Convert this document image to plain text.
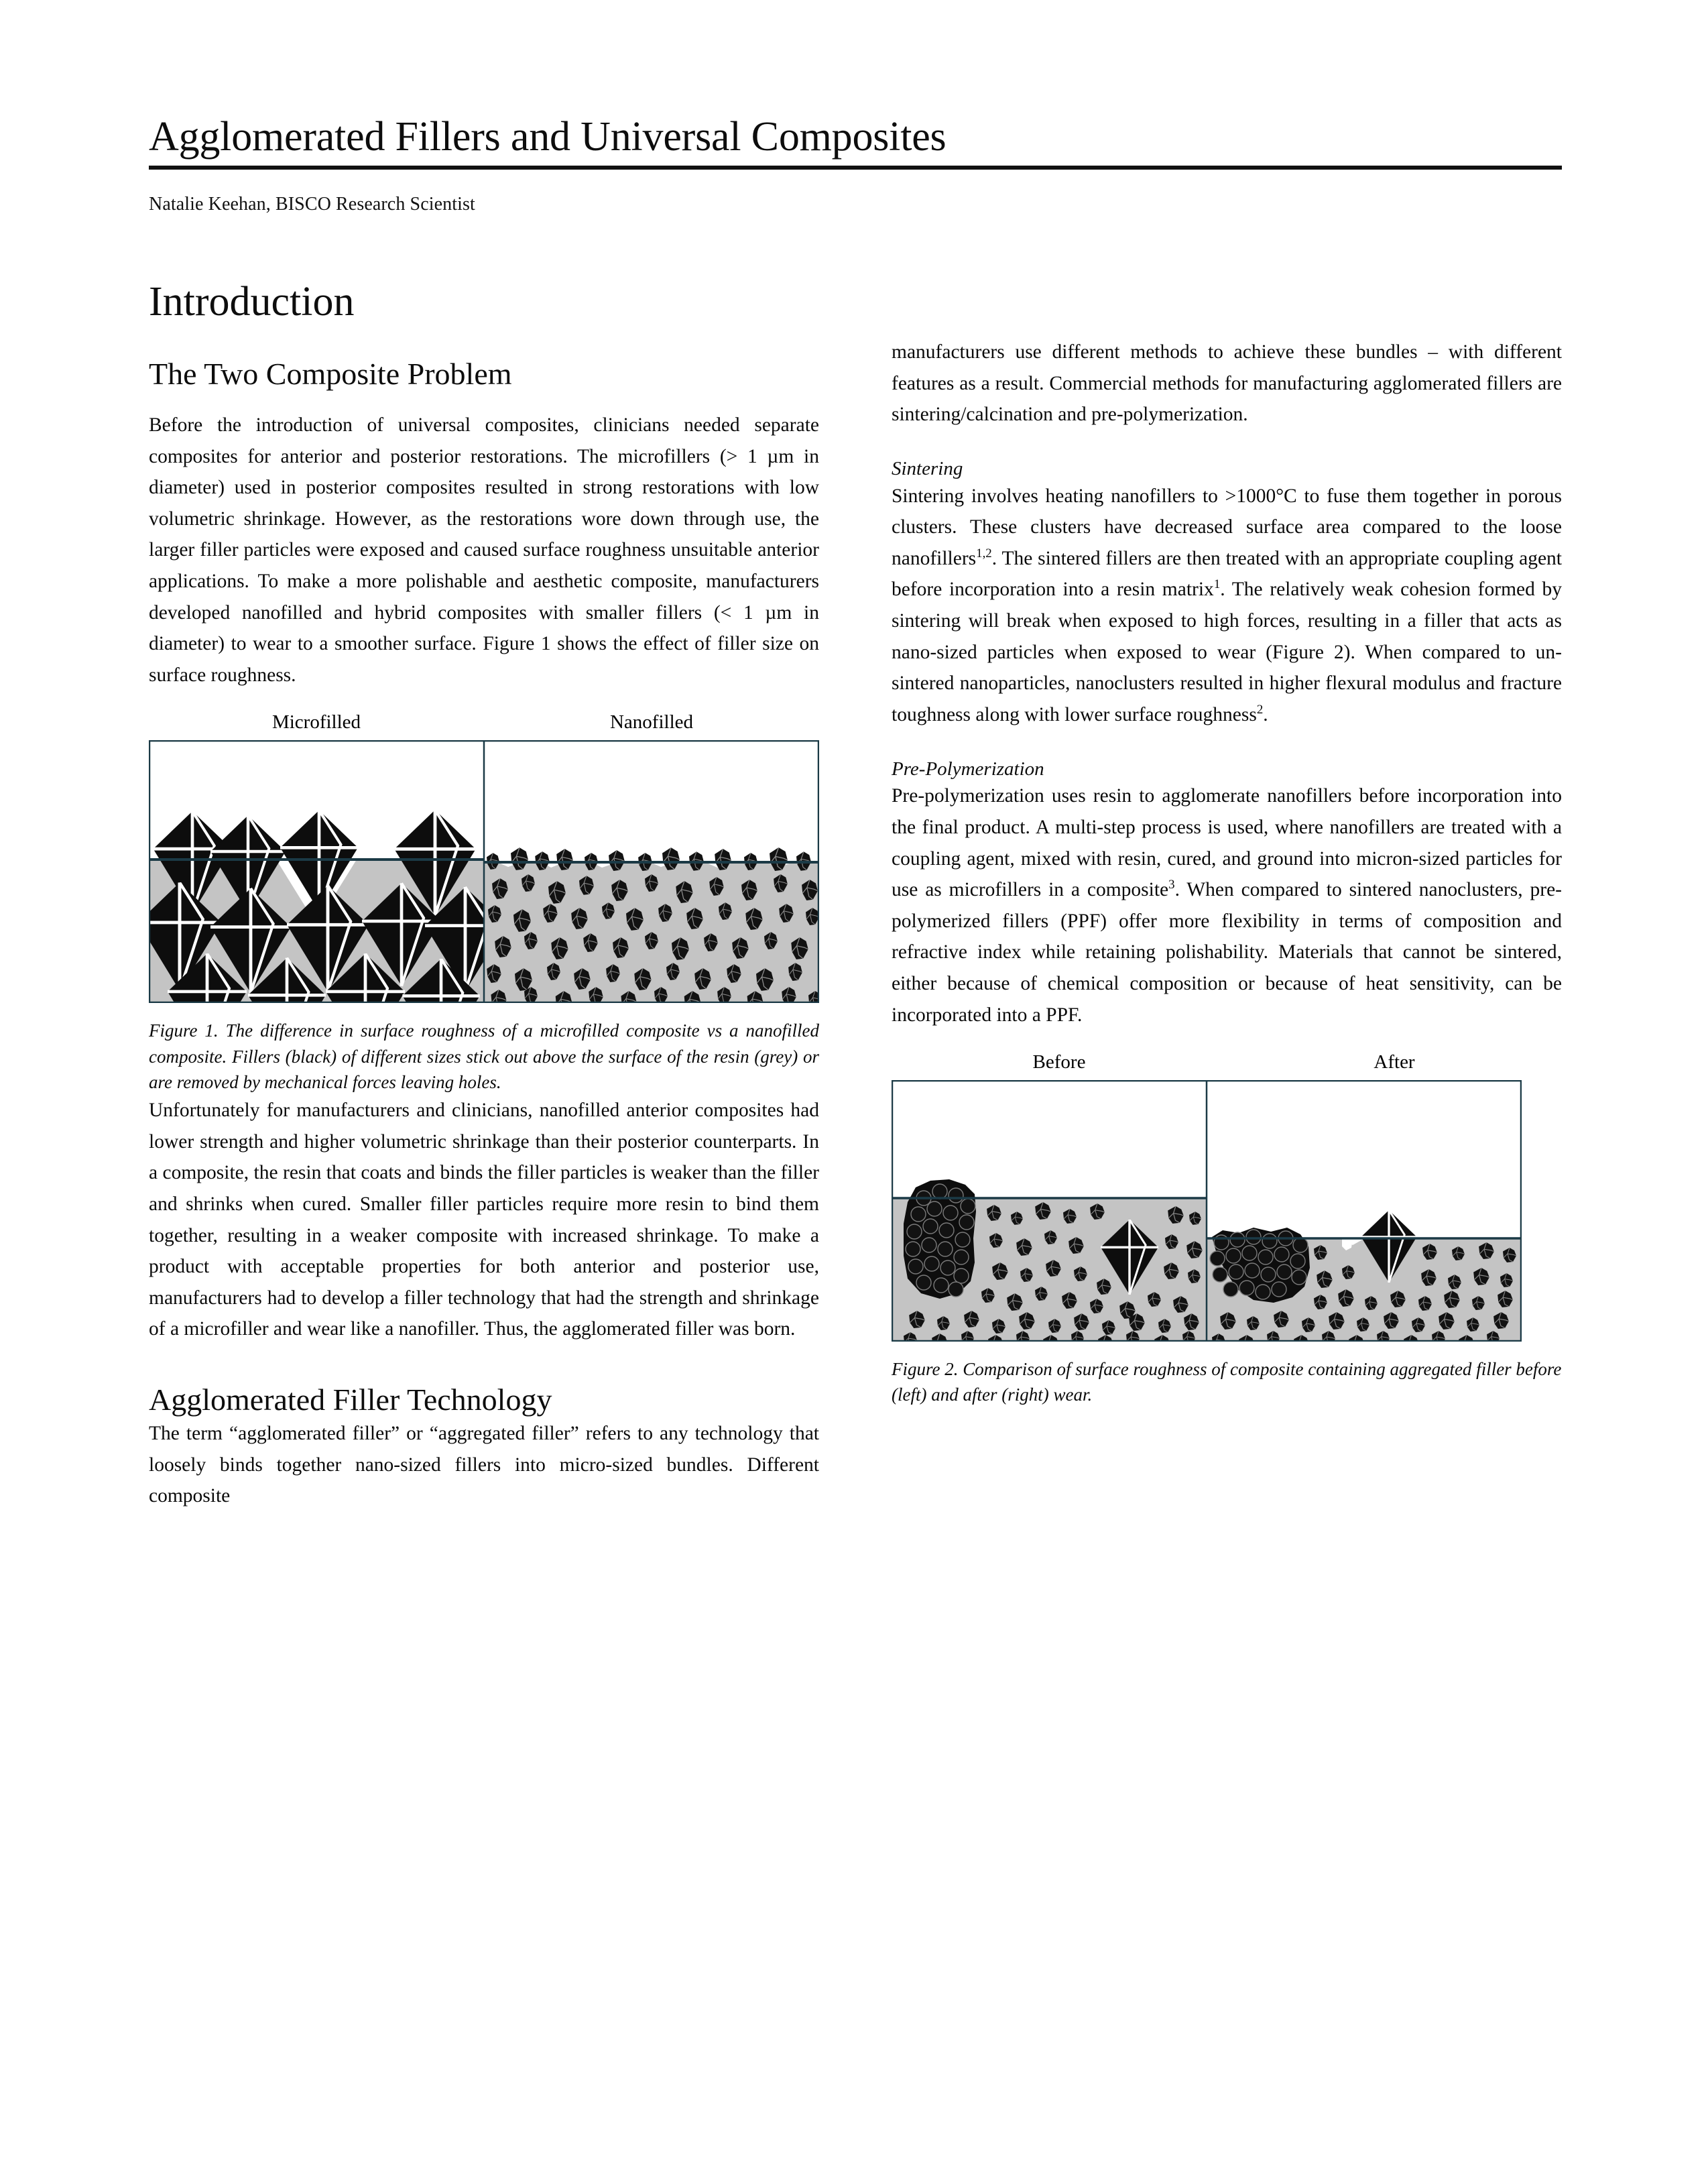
Agglomerated Fillers and Universal Composites
Natalie Keehan, BISCO Research Scientist
Introduction
The Two Composite Problem

Before the introduction of universal composites, clinicians needed separate composites for anterior and posterior restorations. The microfillers (> 1 µm in diameter) used in posterior composites resulted in strong restorations with low volumetric shrinkage. However, as the restorations wore down through use, the larger filler particles were exposed and caused surface roughness unsuitable anterior applications. To make a more polishable and aesthetic composite, manufacturers developed nanofilled and hybrid composites with smaller fillers (< 1 µm in diameter) to wear to a smoother surface. Figure 1 shows the effect of filler size on surface roughness.

Microfilled	Nanofilled

Figure 1. The difference in surface roughness of a microfilled composite vs a nanofilled composite. Fillers (black) of different sizes stick out above the surface of the resin (grey) or are removed by mechanical forces leaving holes.

Unfortunately for manufacturers and clinicians, nanofilled anterior composites had lower strength and higher volumetric shrinkage than their posterior counterparts. In a composite, the resin that coats and binds the filler particles is weaker than the filler and shrinks when cured. Smaller filler particles require more resin to bind them together, resulting in a weaker composite with increased shrinkage. To make a product with acceptable properties for both anterior and posterior use, manufacturers had to develop a filler technology that had the strength and shrinkage of a microfiller and wear like a nanofiller. Thus, the agglomerated filler was born.

Agglomerated Filler Technology

The term “agglomerated filler” or “aggregated filler” refers to any technology that loosely binds together nano-sized fillers into micro-sized bundles. Different composite

manufacturers use different methods to achieve these bundles – with different features as a result. Commercial methods for manufacturing agglomerated fillers are sintering/calcination and pre-polymerization.

Sintering

Sintering involves heating nanofillers to >1000°C to fuse them together in porous clusters. These clusters have decreased surface area compared to the loose nanofillers$^{1,2}$. The sintered fillers are then treated with an appropriate coupling agent before incorporation into a resin matrix$^1$. The relatively weak cohesion formed by sintering will break when exposed to high forces, resulting in a filler that acts as nano-sized particles when exposed to wear (Figure 2). When compared to un-sintered nanoparticles, nanoclusters resulted in higher flexural modulus and fracture toughness along with lower surface roughness$^2$.

Pre-Polymerization

Pre-polymerization uses resin to agglomerate nanofillers before incorporation into the final product. A multi-step process is used, where nanofillers are treated with a coupling agent, mixed with resin, cured, and ground into micron-sized particles for use as microfillers in a composite$^3$. When compared to sintered nanoclusters, pre-polymerized fillers (PPF) offer more flexibility in terms of composition and refractive index while retaining polishability. Materials that cannot be sintered, either because of chemical composition or because of heat sensitivity, can be incorporated into a PPF.

Before	After

Figure 2. Comparison of surface roughness of composite containing aggregated filler before (left) and after (right) wear.
